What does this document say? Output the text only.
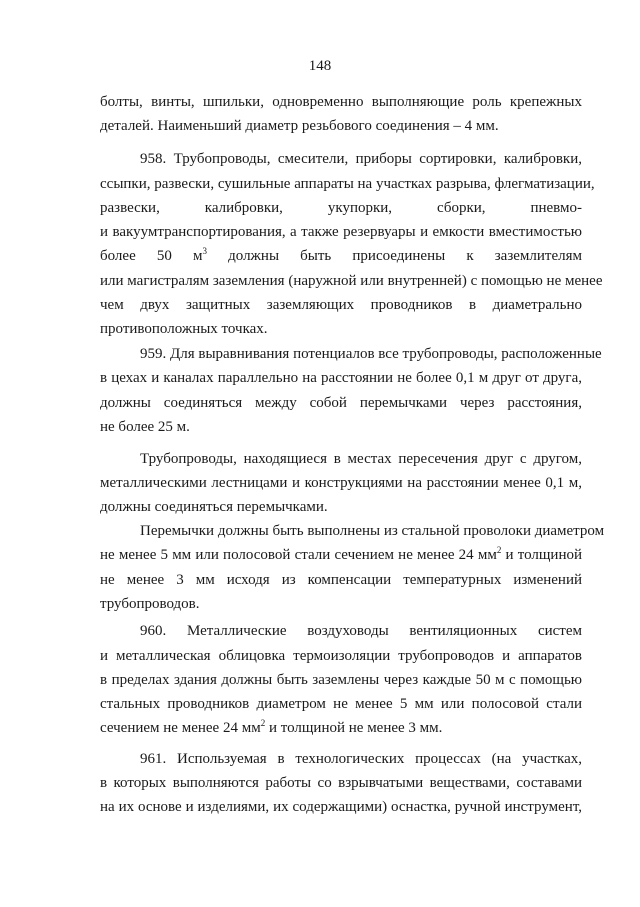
148
болты, винты, шпильки, одновременно выполняющие роль крепежных
деталей. Наименьший диаметр резьбового соединения – 4 мм.
958. Трубопроводы, смесители, приборы сортировки, калибровки,
ссыпки, развески, сушильные аппараты на участках разрыва, флегматизации,
развески, калибровки, укупорки, сборки, пневмо-
и вакуумтранспортирования, а также резервуары и емкости вместимостью
более 50 $м^3$ должны быть присоединены к заземлителям
или магистралям заземления (наружной или внутренней) с помощью не менее
чем двух защитных заземляющих проводников в диаметрально
противоположных точках.
959. Для выравнивания потенциалов все трубопроводы, расположенные
в цехах и каналах параллельно на расстоянии не более 0,1 м друг от друга,
должны соединяться между собой перемычками через расстояния,
не более 25 м.
Трубопроводы, находящиеся в местах пересечения друг с другом,
металлическими лестницами и конструкциями на расстоянии менее 0,1 м,
должны соединяться перемычками.
Перемычки должны быть выполнены из стальной проволоки диаметром
не менее 5 мм или полосовой стали сечением не менее 24 $мм^2$ и толщиной
не менее 3 мм исходя из компенсации температурных изменений
трубопроводов.
960. Металлические воздуховоды вентиляционных систем
и металлическая облицовка термоизоляции трубопроводов и аппаратов
в пределах здания должны быть заземлены через каждые 50 м с помощью
стальных проводников диаметром не менее 5 мм или полосовой стали
сечением не менее 24 $мм^2$ и толщиной не менее 3 мм.
961. Используемая в технологических процессах (на участках,
в которых выполняются работы со взрывчатыми веществами, составами
на их основе и изделиями, их содержащими) оснастка, ручной инструмент,
